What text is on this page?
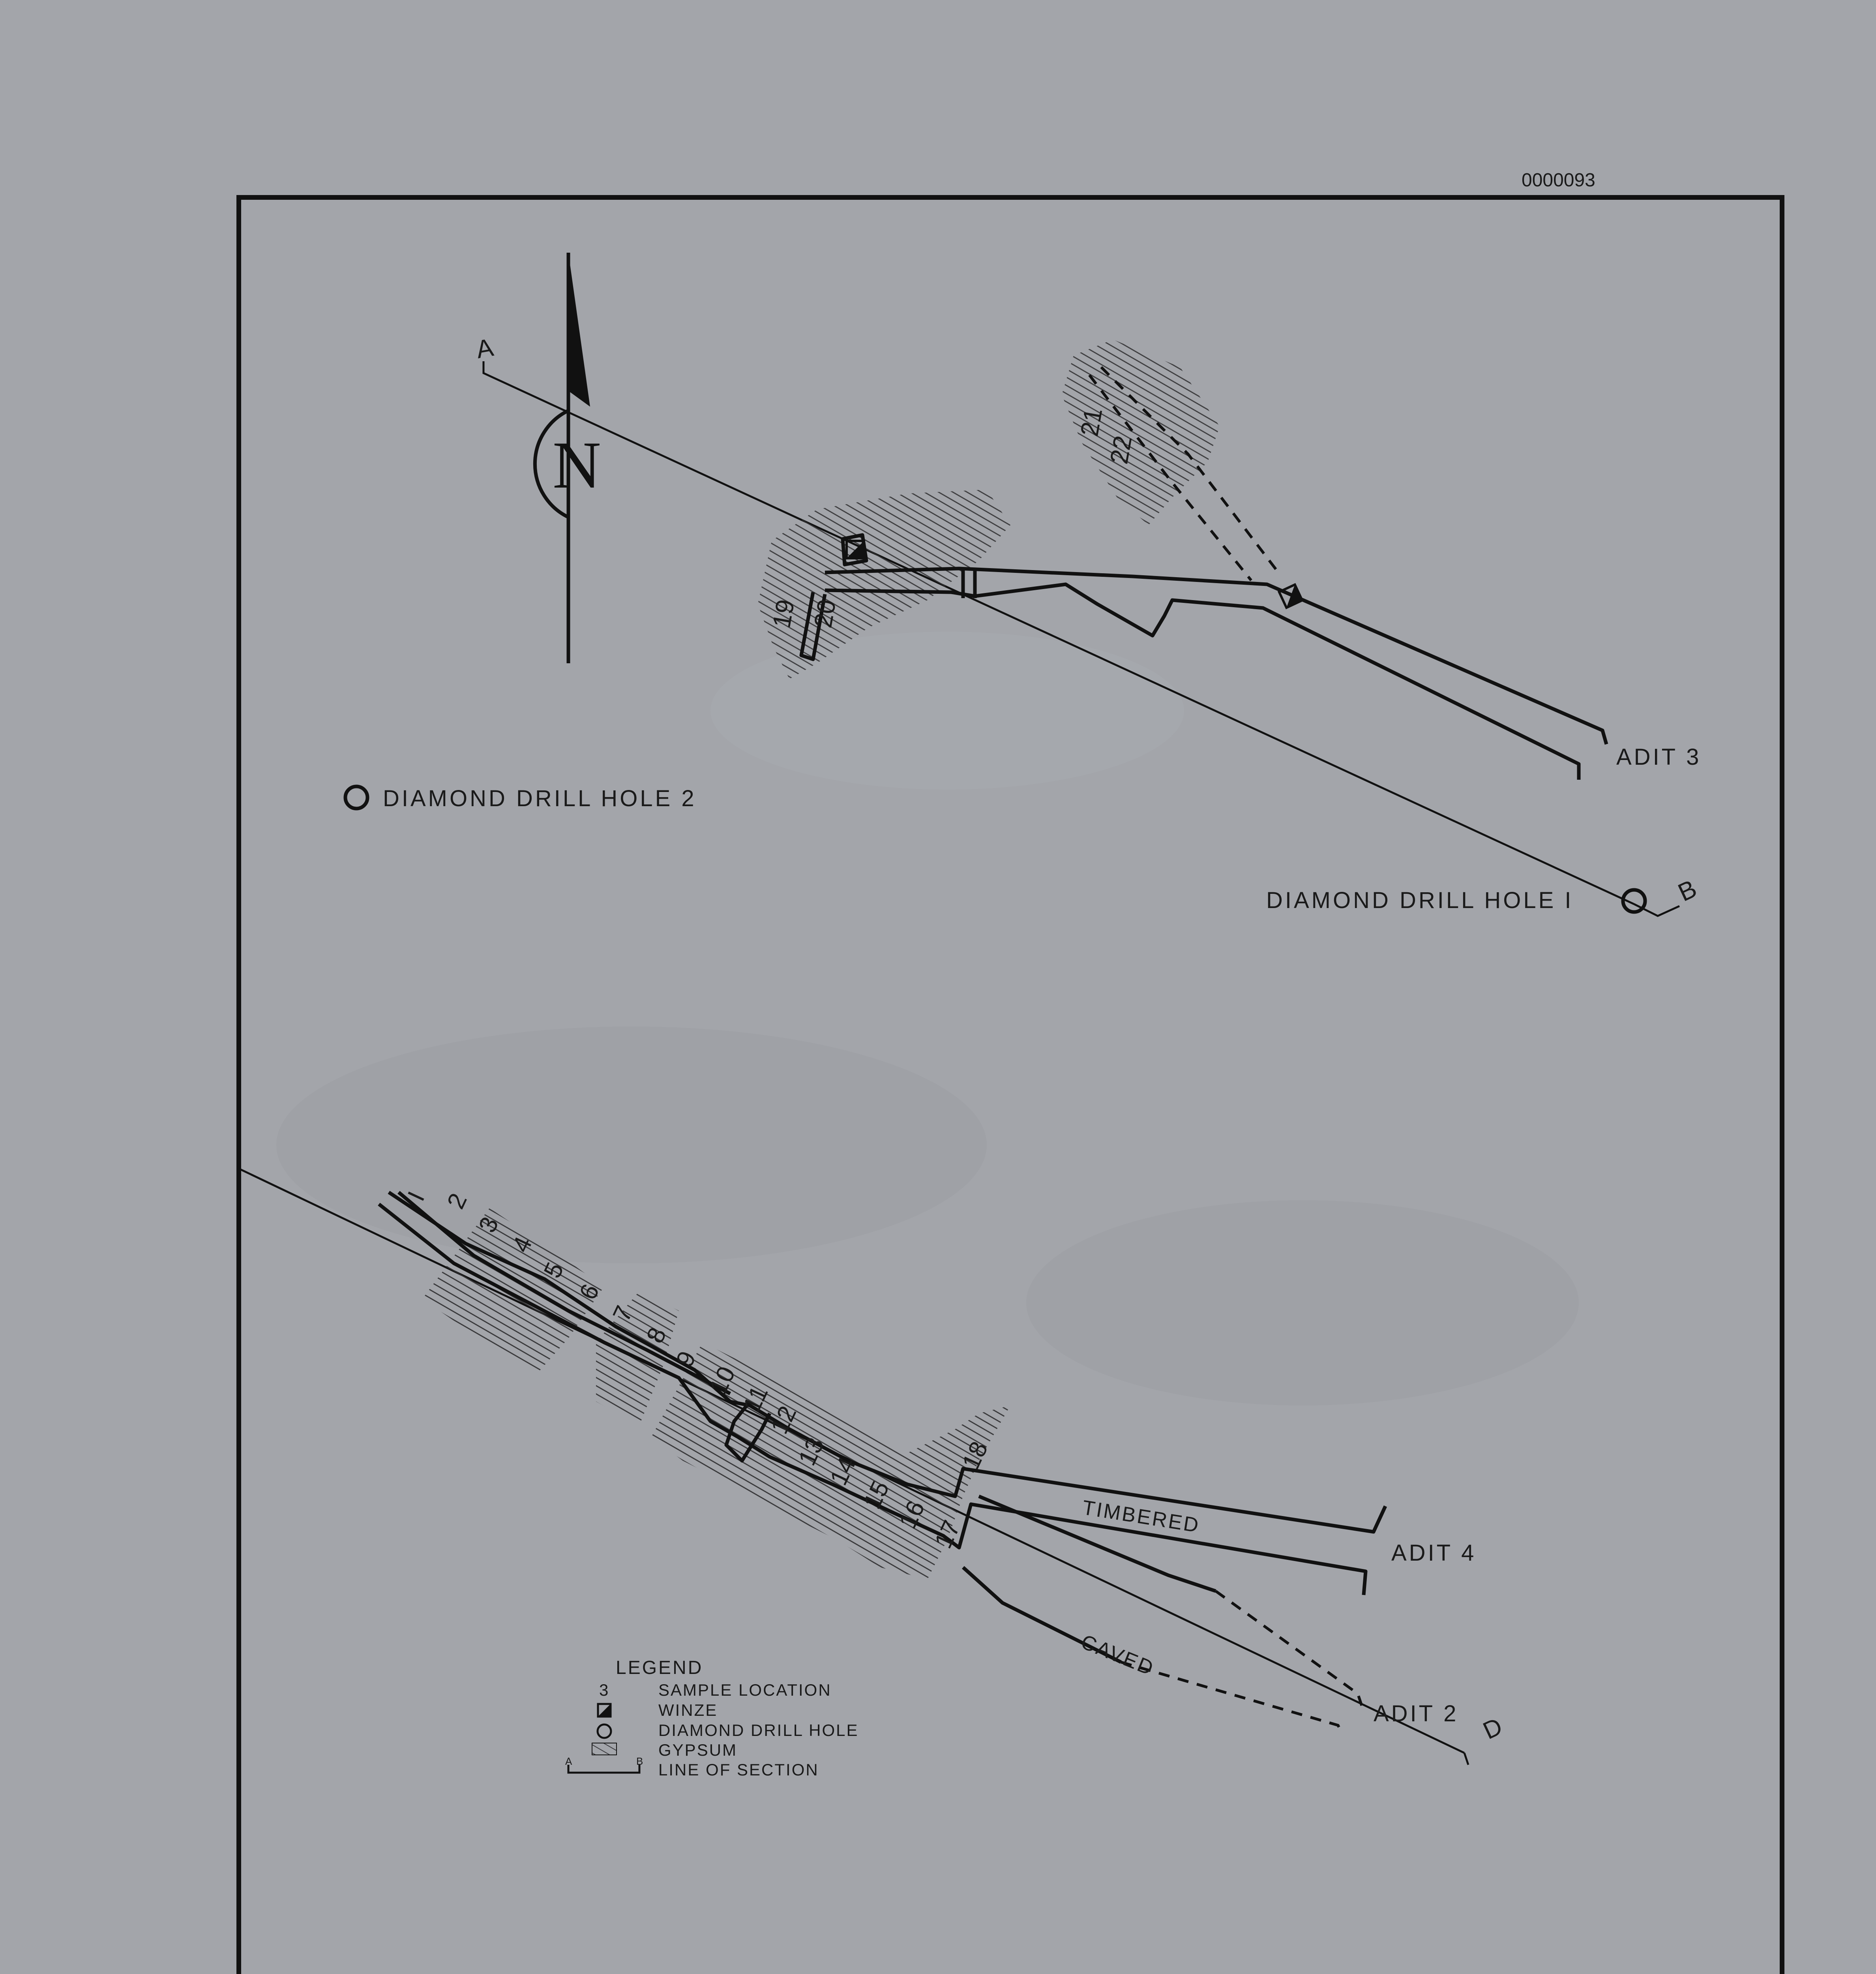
0000093
N
A
B
19 20
21
22
ADIT 3
DIAMOND DRILL HOLE 2
DIAMOND DRILL HOLE I
D
I 2
3
4
5
6
7
8
9
10
11
12
13
14
15
16
17
18
TIMBERED
ADIT 4
CAVED
ADIT 2
LEGEND
3	SAMPLE LOCATION
WINZE
DIAMOND DRILL HOLE
GYPSUM
A	B LINE OF SECTION
